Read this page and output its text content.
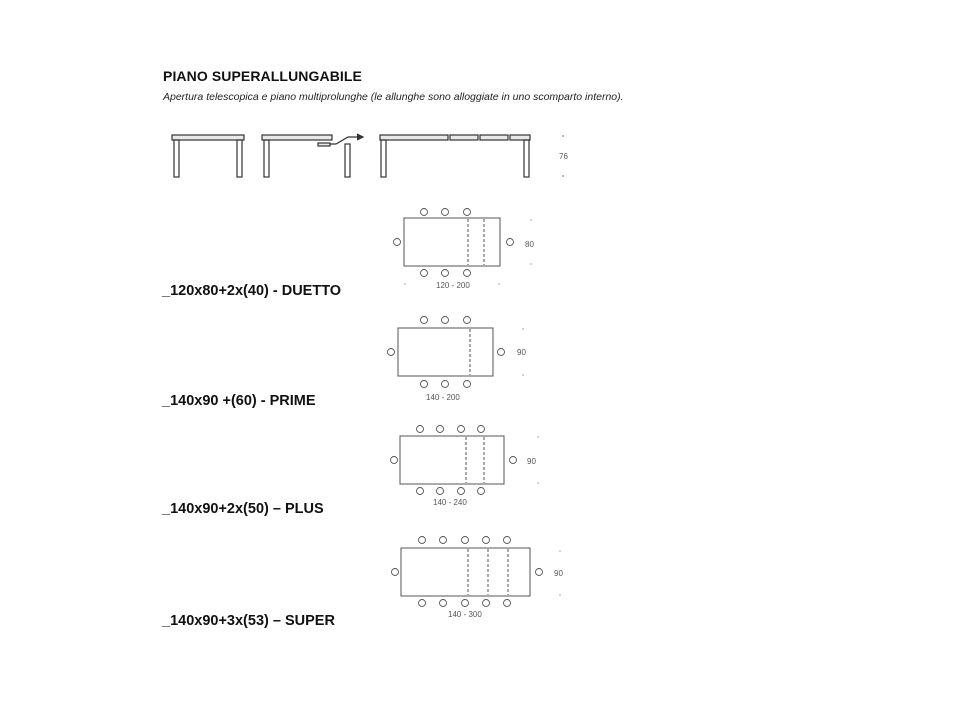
PIANO SUPERALLUNGABILE
Apertura telescopica e piano multiprolunghe (le allunghe sono alloggiate in uno scomparto interno).
76
80
120 - 200
_120x80+2x(40) - DUETTO
90
140 - 200
_140x90 +(60) - PRIME
90
140 - 240
_140x90+2x(50) – PLUS
90
140 - 300
_140x90+3x(53) – SUPER
